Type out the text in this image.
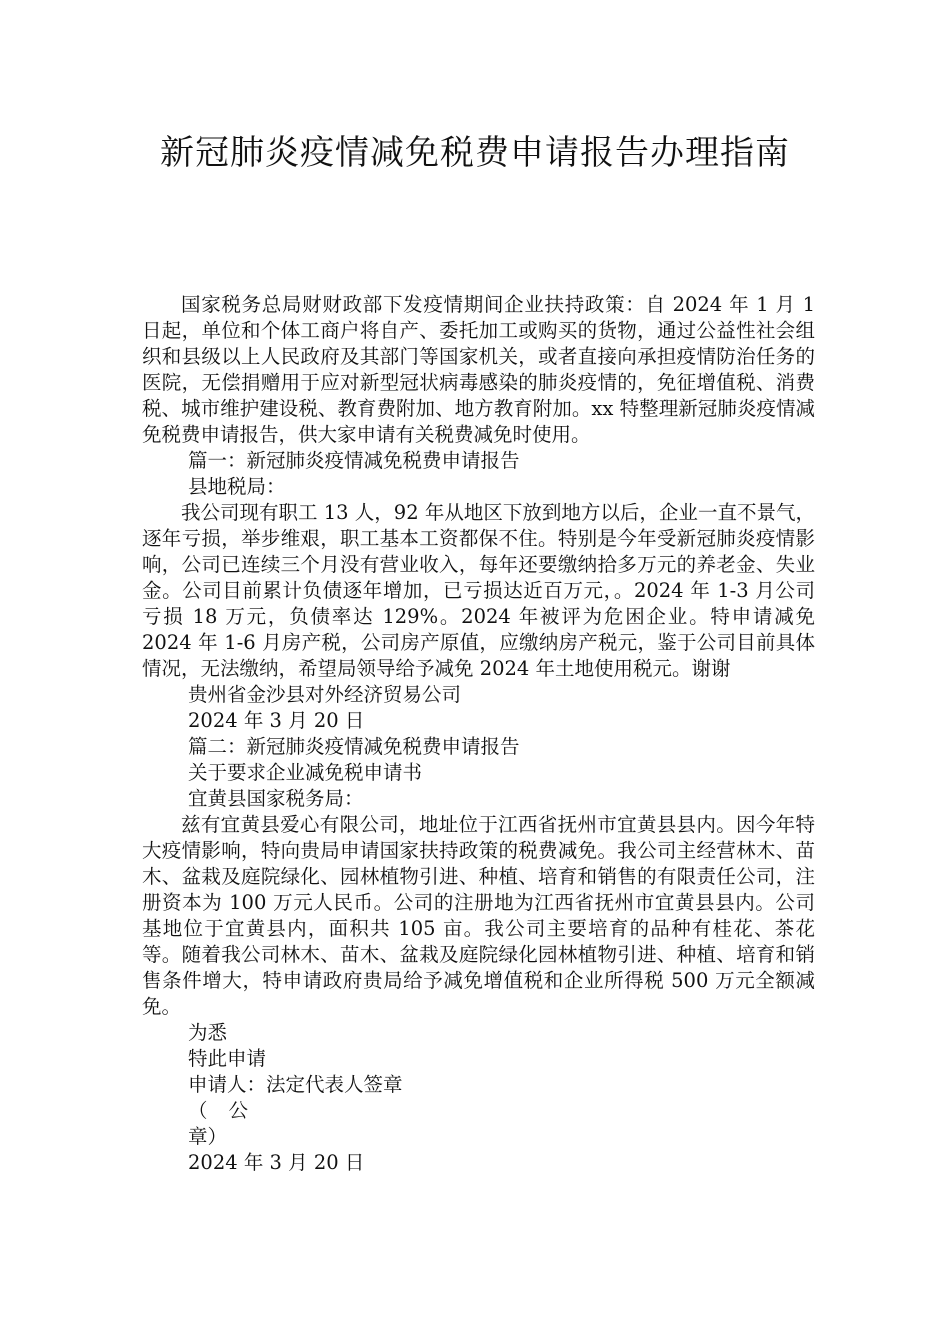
新冠肺炎疫情减免税费申请报告办理指南

国家税务总局财财政部下发疫情期间企业扶持政策：自 2024 年 1 月 1 日起，单位和个体工商户将自产、委托加工或购买的货物，通过公益性社会组织和县级以上人民政府及其部门等国家机关，或者直接向承担疫情防治任务的医院，无偿捐赠用于应对新型冠状病毒感染的肺炎疫情的，免征增值税、消费税、城市维护建设税、教育费附加、地方教育附加。xx 特整理新冠肺炎疫情减免税费申请报告，供大家申请有关税费减免时使用。

篇一：新冠肺炎疫情减免税费申请报告

县地税局：

我公司现有职工 13 人，92 年从地区下放到地方以后，企业一直不景气，逐年亏损，举步维艰，职工基本工资都保不住。特别是今年受新冠肺炎疫情影响，公司已连续三个月没有营业收入，每年还要缴纳拾多万元的养老金、失业金。公司目前累计负债逐年增加，已亏损达近百万元，。2024 年 1-3 月公司亏损 18 万元，负债率达 129%。2024 年被评为危困企业。特申请减免 2024 年 1-6 月房产税，公司房产原值，应缴纳房产税元，鉴于公司目前具体情况，无法缴纳，希望局领导给予减免 2024 年土地使用税元。谢谢

贵州省金沙县对外经济贸易公司

2024 年 3 月 20 日

篇二：新冠肺炎疫情减免税费申请报告

关于要求企业减免税申请书

宜黄县国家税务局：

兹有宜黄县爱心有限公司，地址位于江西省抚州市宜黄县县内。因今年特大疫情影响，特向贵局申请国家扶持政策的税费减免。我公司主经营林木、苗木、盆栽及庭院绿化、园林植物引进、种植、培育和销售的有限责任公司，注册资本为 100 万元人民币。公司的注册地为江西省抚州市宜黄县县内。公司基地位于宜黄县内，面积共 105 亩。我公司主要培育的品种有桂花、茶花等。随着我公司林木、苗木、盆栽及庭院绿化园林植物引进、种植、培育和销售条件增大，特申请政府贵局给予减免增值税和企业所得税 500 万元全额减免。

为悉

特此申请

申请人：法定代表人签章

（公章）

2024 年 3 月 20 日
